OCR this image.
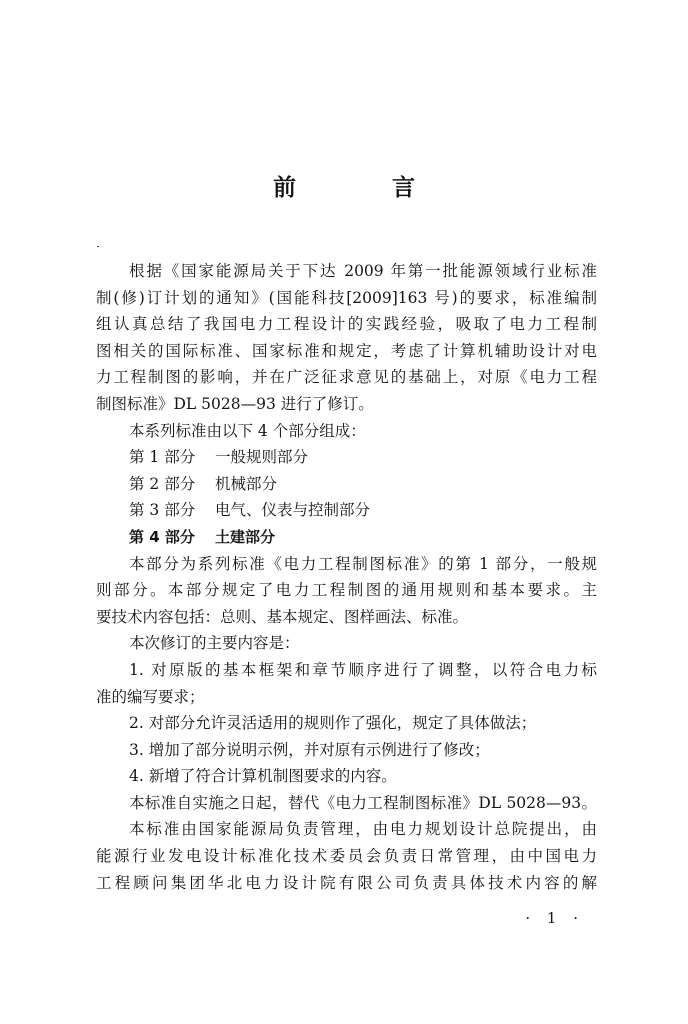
前 言
根据《国家能源局关于下达 2009 年第一批能源领域行业标准
制(修)订计划的通知》(国能科技[2009]163 号)的要求，标准编制
组认真总结了我国电力工程设计的实践经验，吸取了电力工程制
图相关的国际标准、国家标准和规定，考虑了计算机辅助设计对电
力工程制图的影响，并在广泛征求意见的基础上，对原《电力工程
制图标准》DL 5028—93 进行了修订。
本系列标准由以下 4 个部分组成：
第 1 部分 一般规则部分
第 2 部分 机械部分
第 3 部分 电气、仪表与控制部分
第 4 部分 土建部分
本部分为系列标准《电力工程制图标准》的第 1 部分，一般规
则部分。本部分规定了电力工程制图的通用规则和基本要求。主
要技术内容包括：总则、基本规定、图样画法、标准。
本次修订的主要内容是：
1. 对原版的基本框架和章节顺序进行了调整，以符合电力标
准的编写要求；
2. 对部分允许灵活适用的规则作了强化，规定了具体做法；
3. 增加了部分说明示例，并对原有示例进行了修改；
4. 新增了符合计算机制图要求的内容。
本标准自实施之日起，替代《电力工程制图标准》DL 5028—93。
本标准由国家能源局负责管理，由电力规划设计总院提出，由
能源行业发电设计标准化技术委员会负责日常管理，由中国电力
工程顾问集团华北电力设计院有限公司负责具体技术内容的解
· 1 ·
